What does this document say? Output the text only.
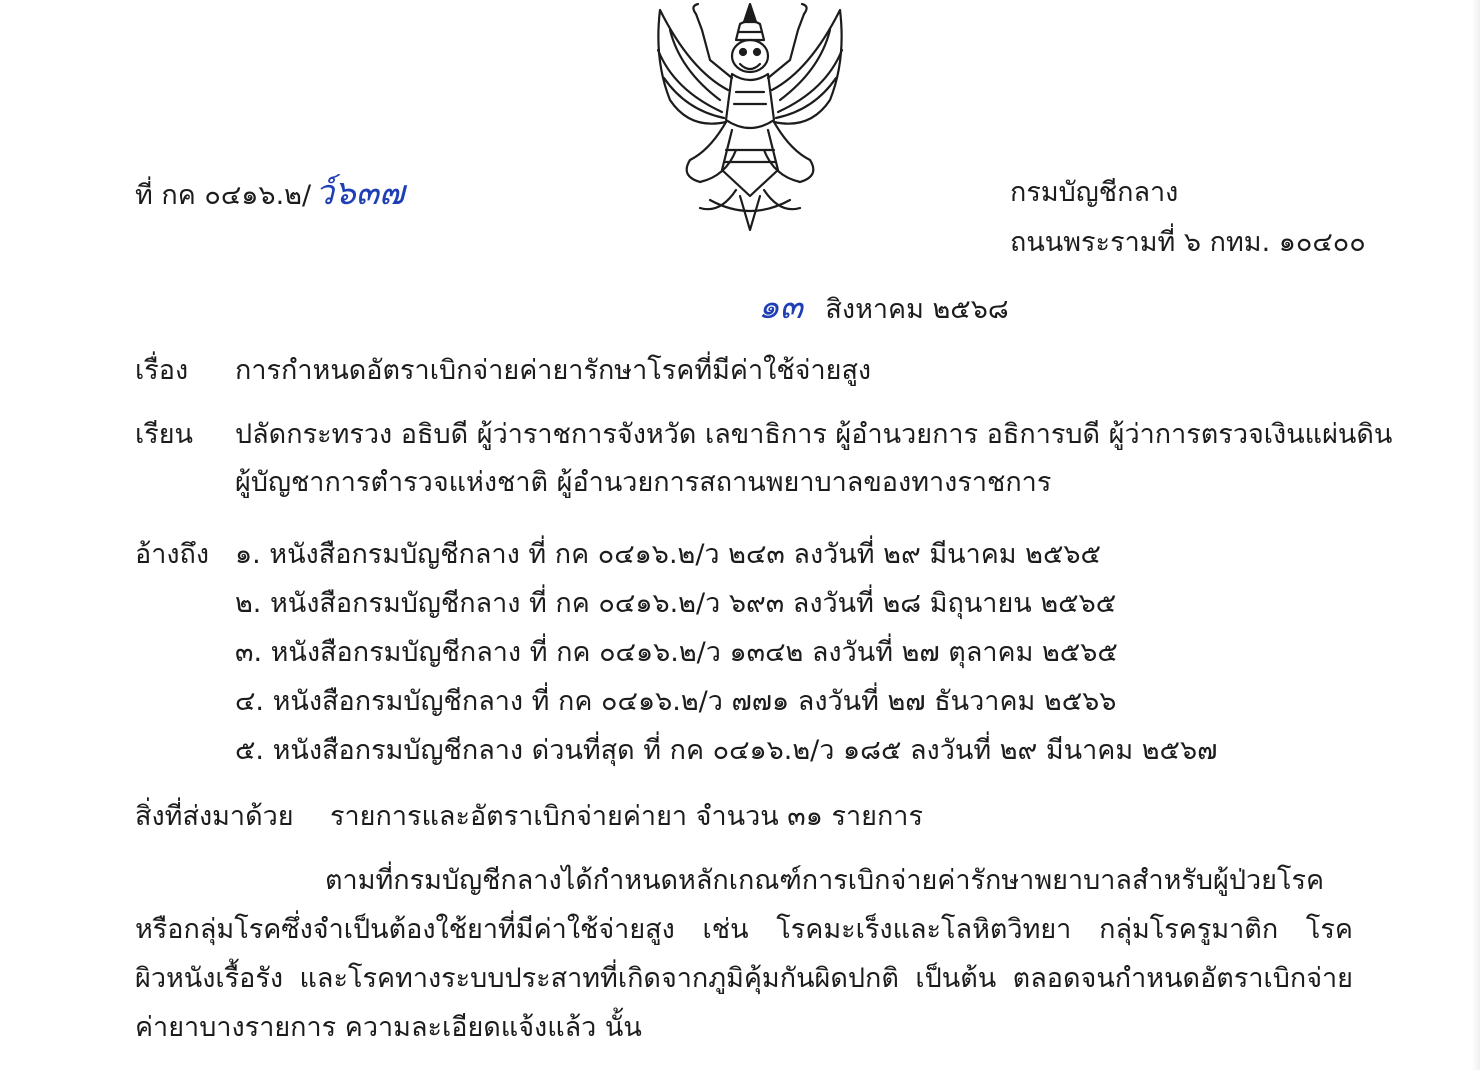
ที่ กค ๐๔๑๖.๒/ ว์๖๓๗	กรมบัญชีกลาง
ถนนพระรามที่ ๖ กทม. ๑๐๔๐๐
๑๓ สิงหาคม ๒๕๖๘
เรื่อง การกำหนดอัตราเบิกจ่ายค่ายารักษาโรคที่มีค่าใช้จ่ายสูง
เรียน ปลัดกระทรวง อธิบดี ผู้ว่าราชการจังหวัด เลขาธิการ ผู้อำนวยการ อธิการบดี ผู้ว่าการตรวจเงินแผ่นดิน
ผู้บัญชาการตำรวจแห่งชาติ ผู้อำนวยการสถานพยาบาลของทางราชการ
อ้างถึง ๑. หนังสือกรมบัญชีกลาง ที่ กค ๐๔๑๖.๒/ว ๒๔๓ ลงวันที่ ๒๙ มีนาคม ๒๕๖๕
๒. หนังสือกรมบัญชีกลาง ที่ กค ๐๔๑๖.๒/ว ๖๙๓ ลงวันที่ ๒๘ มิถุนายน ๒๕๖๕
๓. หนังสือกรมบัญชีกลาง ที่ กค ๐๔๑๖.๒/ว ๑๓๔๒ ลงวันที่ ๒๗ ตุลาคม ๒๕๖๕
๔. หนังสือกรมบัญชีกลาง ที่ กค ๐๔๑๖.๒/ว ๗๗๑ ลงวันที่ ๒๗ ธันวาคม ๒๕๖๖
๕. หนังสือกรมบัญชีกลาง ด่วนที่สุด ที่ กค ๐๔๑๖.๒/ว ๑๘๕ ลงวันที่ ๒๙ มีนาคม ๒๕๖๗
สิ่งที่ส่งมาด้วย รายการและอัตราเบิกจ่ายค่ายา จำนวน ๓๑ รายการ
ตามที่กรมบัญชีกลางได้กำหนดหลักเกณฑ์การเบิกจ่ายค่ารักษาพยาบาลสำหรับผู้ป่วยโรคหรือกลุ่มโรคซึ่งจำเป็นต้องใช้ยาที่มีค่าใช้จ่ายสูง เช่น โรคมะเร็งและโลหิตวิทยา กลุ่มโรครูมาติก โรคผิวหนังเรื้อรัง และโรคทางระบบประสาทที่เกิดจากภูมิคุ้มกันผิดปกติ เป็นต้น ตลอดจนกำหนดอัตราเบิกจ่ายค่ายาบางรายการ ความละเอียดแจ้งแล้ว นั้น
